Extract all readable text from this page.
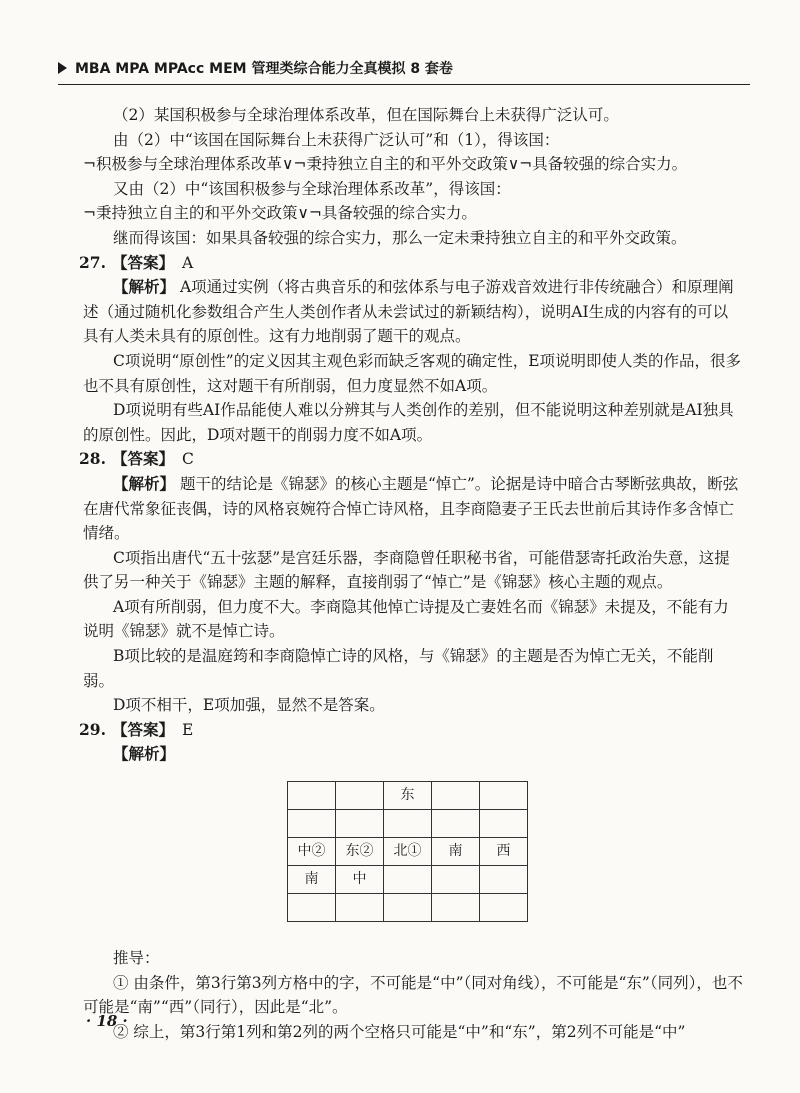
MBA MPA MPAcc MEM 管理类综合能力全真模拟 8 套卷

（2）某国积极参与全球治理体系改革，但在国际舞台上未获得广泛认可。

由（2）中“该国在国际舞台上未获得广泛认可”和（1），得该国：

¬积极参与全球治理体系改革∨¬秉持独立自主的和平外交政策∨¬具备较强的综合实力。

又由（2）中“该国积极参与全球治理体系改革”，得该国：

¬秉持独立自主的和平外交政策∨¬具备较强的综合实力。

继而得该国：如果具备较强的综合实力，那么一定未秉持独立自主的和平外交政策。

27. 【答案】 A

【解析】 A项通过实例（将古典音乐的和弦体系与电子游戏音效进行非传统融合）和原理阐述（通过随机化参数组合产生人类创作者从未尝试过的新颖结构），说明AI生成的内容有的可以具有人类未具有的原创性。这有力地削弱了题干的观点。

C项说明“原创性”的定义因其主观色彩而缺乏客观的确定性，E项说明即使人类的作品，很多也不具有原创性，这对题干有所削弱，但力度显然不如A项。

D项说明有些AI作品能使人难以分辨其与人类创作的差别，但不能说明这种差别就是AI独具的原创性。因此，D项对题干的削弱力度不如A项。

28. 【答案】 C

【解析】 题干的结论是《锦瑟》的核心主题是“悼亡”。论据是诗中暗合古琴断弦典故，断弦在唐代常象征丧偶，诗的风格哀婉符合悼亡诗风格，且李商隐妻子王氏去世前后其诗作多含悼亡情绪。

C项指出唐代“五十弦瑟”是宫廷乐器，李商隐曾任职秘书省，可能借瑟寄托政治失意，这提供了另一种关于《锦瑟》主题的解释，直接削弱了“悼亡”是《锦瑟》核心主题的观点。

A项有所削弱，但力度不大。李商隐其他悼亡诗提及亡妻姓名而《锦瑟》未提及，不能有力说明《锦瑟》就不是悼亡诗。

B项比较的是温庭筠和李商隐悼亡诗的风格，与《锦瑟》的主题是否为悼亡无关，不能削弱。

D项不相干，E项加强，显然不是答案。

29. 【答案】 E

【解析】

		东		

中②	东②	北①	南	西
南	中			

推导：

① 由条件，第3行第3列方格中的字，不可能是“中”（同对角线），不可能是“东”（同列），也不可能是“南”“西”（同行），因此是“北”。

② 综上，第3行第1列和第2列的两个空格只可能是“中”和“东”，第2列不可能是“中”

· 18 ·
